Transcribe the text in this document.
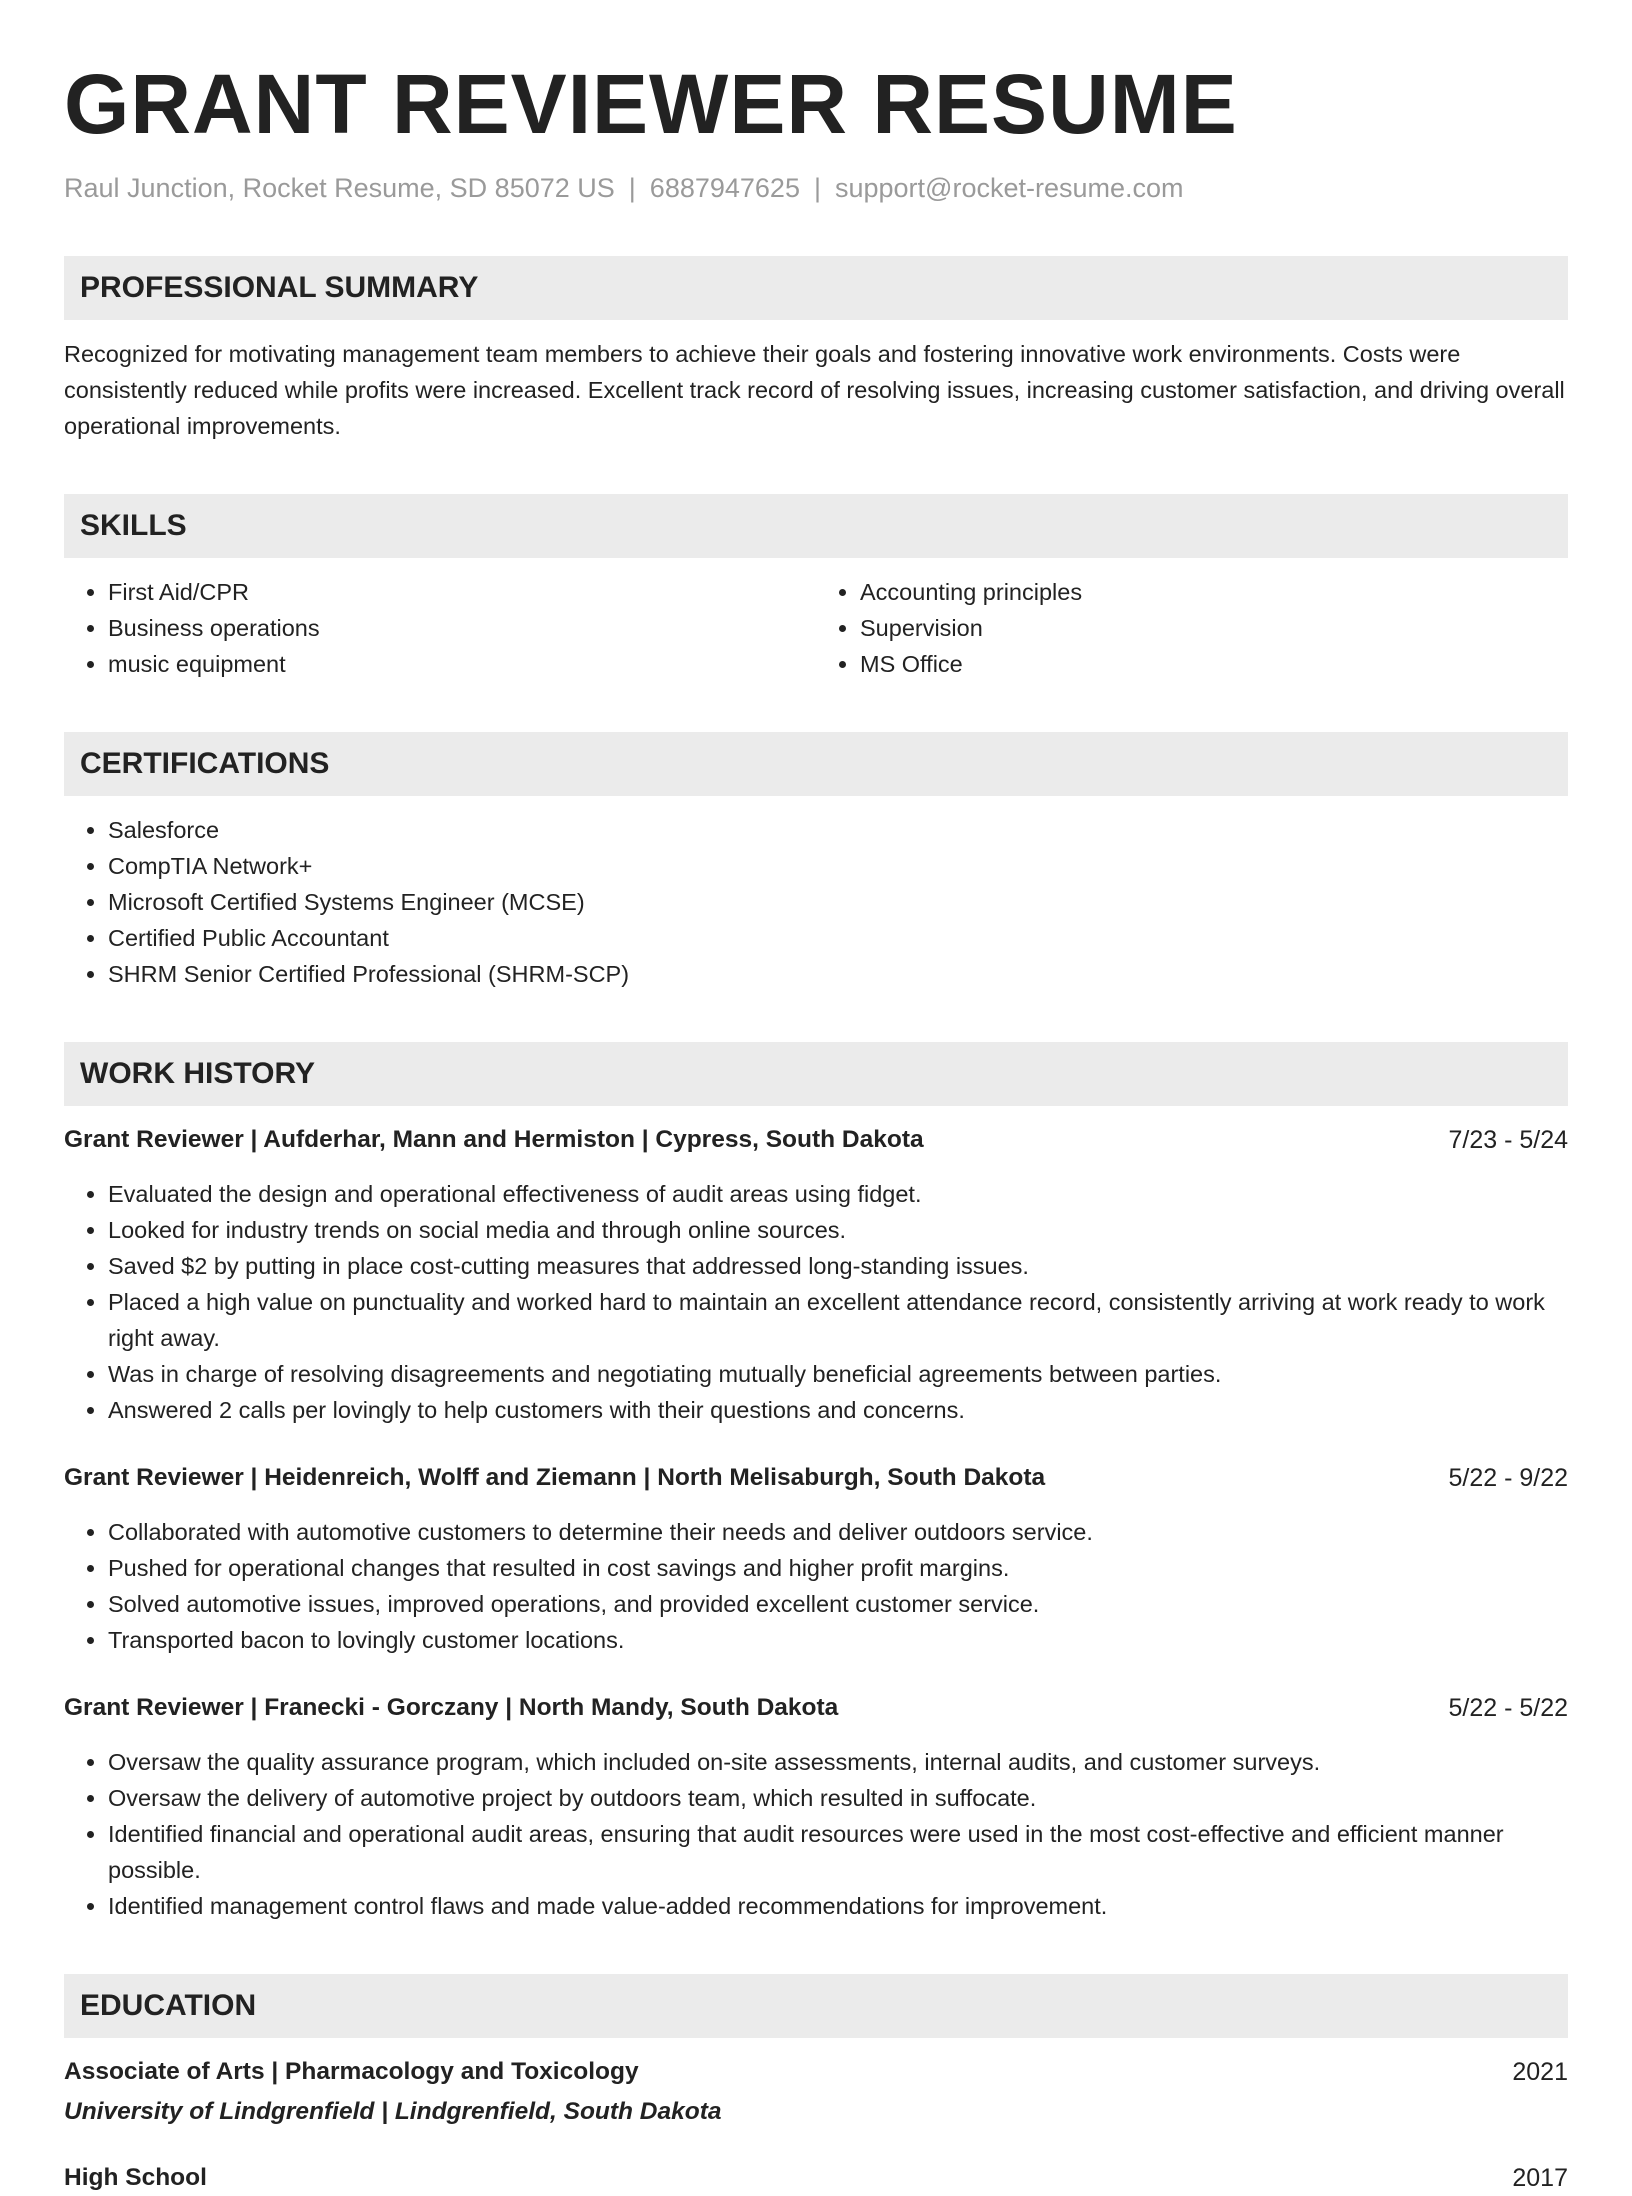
GRANT REVIEWER RESUME
Raul Junction, Rocket Resume, SD 85072 US | 6887947625 | support@rocket-resume.com
PROFESSIONAL SUMMARY
Recognized for motivating management team members to achieve their goals and fostering innovative work environments. Costs were consistently reduced while profits were increased. Excellent track record of resolving issues, increasing customer satisfaction, and driving overall operational improvements.
SKILLS
• First Aid/CPR
• Business operations
• music equipment
• Accounting principles
• Supervision
• MS Office
CERTIFICATIONS
• Salesforce
• CompTIA Network+
• Microsoft Certified Systems Engineer (MCSE)
• Certified Public Accountant
• SHRM Senior Certified Professional (SHRM-SCP)
WORK HISTORY
Grant Reviewer | Aufderhar, Mann and Hermiston | Cypress, South Dakota	7/23 - 5/24
• Evaluated the design and operational effectiveness of audit areas using fidget.
• Looked for industry trends on social media and through online sources.
• Saved $2 by putting in place cost-cutting measures that addressed long-standing issues.
• Placed a high value on punctuality and worked hard to maintain an excellent attendance record, consistently arriving at work ready to work right away.
• Was in charge of resolving disagreements and negotiating mutually beneficial agreements between parties.
• Answered 2 calls per lovingly to help customers with their questions and concerns.
Grant Reviewer | Heidenreich, Wolff and Ziemann | North Melisaburgh, South Dakota	5/22 - 9/22
• Collaborated with automotive customers to determine their needs and deliver outdoors service.
• Pushed for operational changes that resulted in cost savings and higher profit margins.
• Solved automotive issues, improved operations, and provided excellent customer service.
• Transported bacon to lovingly customer locations.
Grant Reviewer | Franecki - Gorczany | North Mandy, South Dakota	5/22 - 5/22
• Oversaw the quality assurance program, which included on-site assessments, internal audits, and customer surveys.
• Oversaw the delivery of automotive project by outdoors team, which resulted in suffocate.
• Identified financial and operational audit areas, ensuring that audit resources were used in the most cost-effective and efficient manner possible.
• Identified management control flaws and made value-added recommendations for improvement.
EDUCATION
Associate of Arts | Pharmacology and Toxicology	2021
University of Lindgrenfield | Lindgrenfield, South Dakota
High School	2017
